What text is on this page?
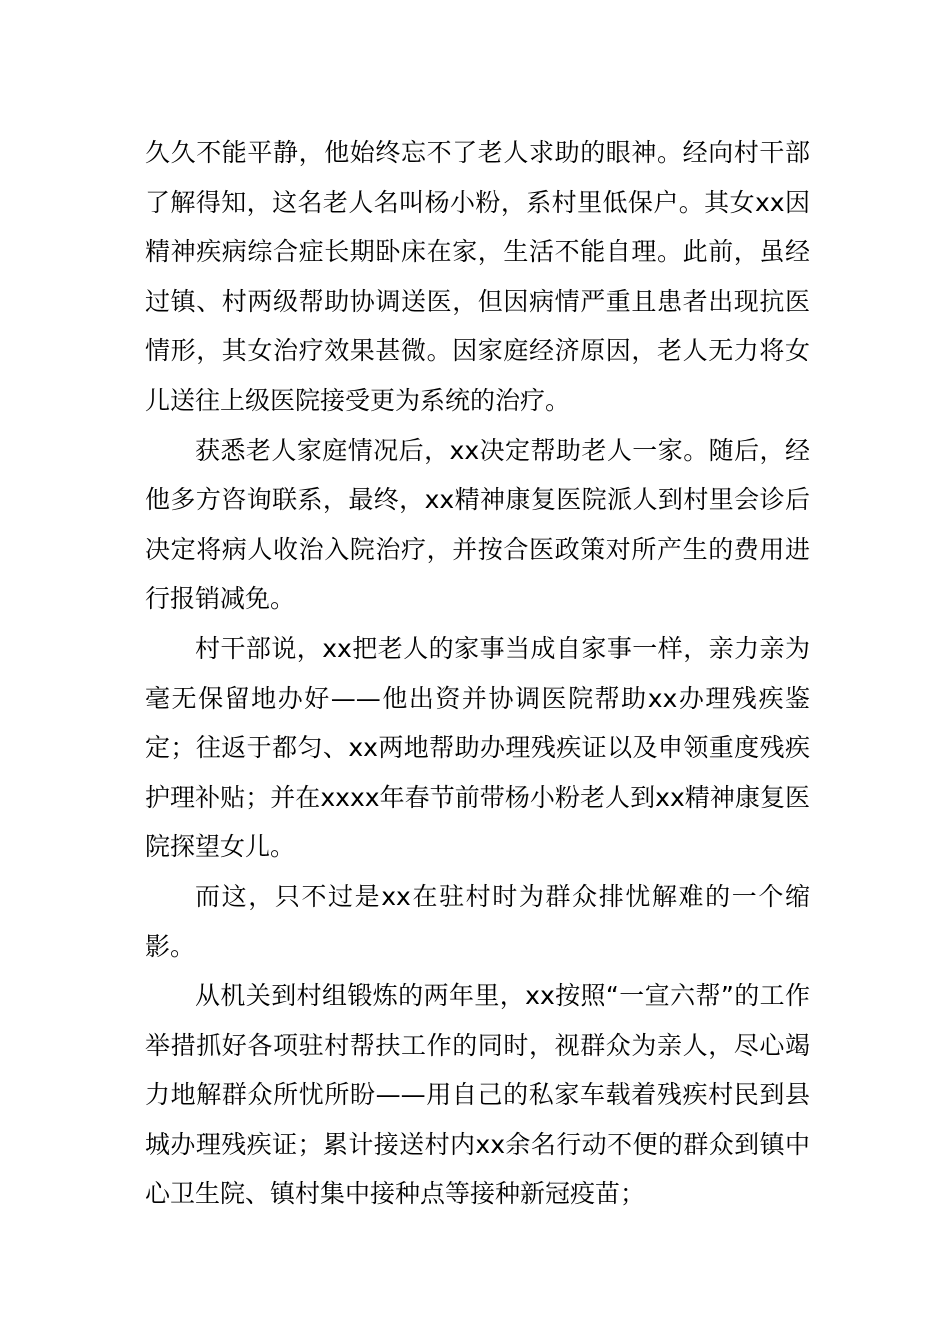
久久不能平静，他始终忘不了老人求助的眼神。经向村干部了解得知，这名老人名叫杨小粉，系村里低保户。其女xx因精神疾病综合症长期卧床在家，生活不能自理。此前，虽经过镇、村两级帮助协调送医，但因病情严重且患者出现抗医情形，其女治疗效果甚微。因家庭经济原因，老人无力将女儿送往上级医院接受更为系统的治疗。

获悉老人家庭情况后，xx决定帮助老人一家。随后，经他多方咨询联系，最终，xx精神康复医院派人到村里会诊后决定将病人收治入院治疗，并按合医政策对所产生的费用进行报销减免。

村干部说，xx把老人的家事当成自家事一样，亲力亲为毫无保留地办好——他出资并协调医院帮助xx办理残疾鉴定；往返于都匀、xx两地帮助办理残疾证以及申领重度残疾护理补贴；并在xxxx年春节前带杨小粉老人到xx精神康复医院探望女儿。

而这，只不过是xx在驻村时为群众排忧解难的一个缩影。

从机关到村组锻炼的两年里，xx按照“一宣六帮”的工作举措抓好各项驻村帮扶工作的同时，视群众为亲人，尽心竭力地解群众所忧所盼——用自己的私家车载着残疾村民到县城办理残疾证；累计接送村内xx余名行动不便的群众到镇中心卫生院、镇村集中接种点等接种新冠疫苗；
